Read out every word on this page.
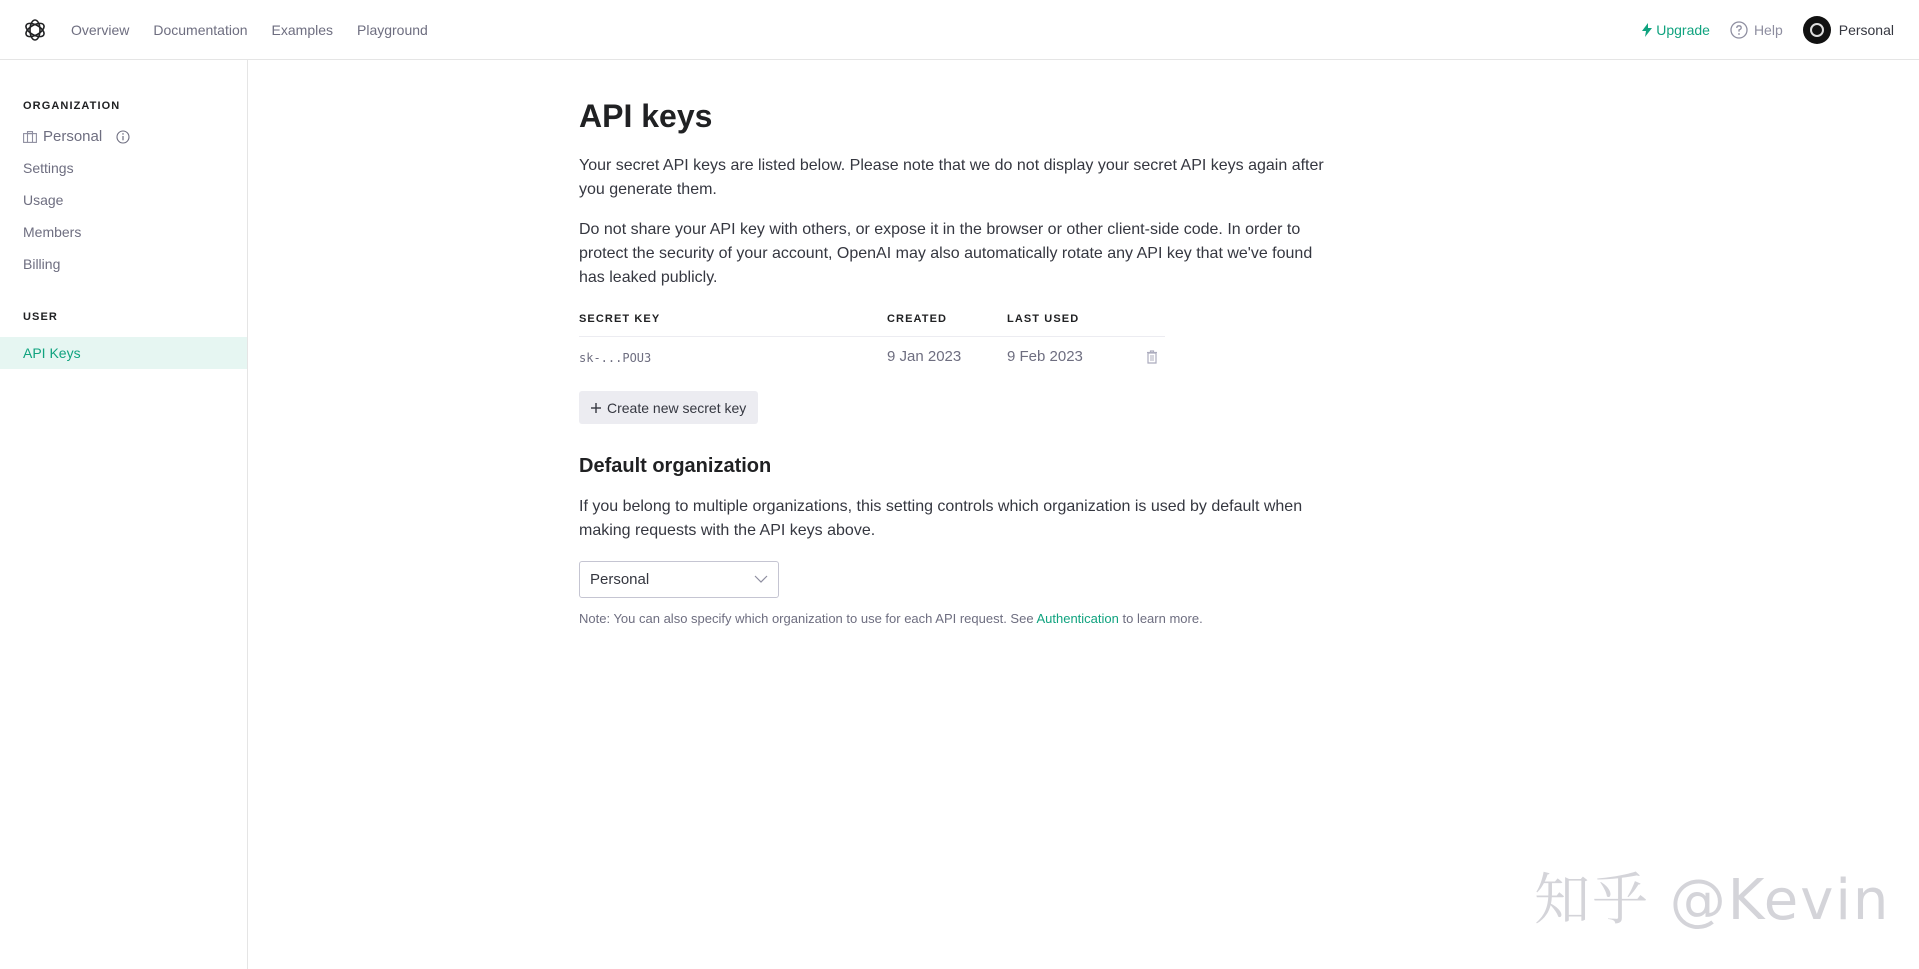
Overview Documentation Examples Playground	Upgrade	Help	Personal
ORGANIZATION
Personal
Settings
Usage
Members
Billing
USER
API Keys
API keys

Your secret API keys are listed below. Please note that we do not display your secret API keys again after you generate them.

Do not share your API key with others, or expose it in the browser or other client-side code. In order to protect the security of your account, OpenAI may also automatically rotate any API key that we've found has leaked publicly.

SECRET KEY	CREATED	LAST USED
sk-...POU3	9 Jan 2023	9 Feb 2023
Create new secret key
Default organization

If you belong to multiple organizations, this setting controls which organization is used by default when making requests with the API keys above.

Personal

Note: You can also specify which organization to use for each API request. See Authentication to learn more.

知乎 @Kevin
